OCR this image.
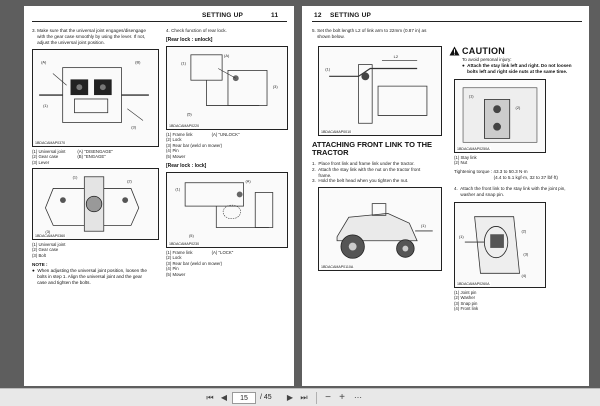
SETTING UP	11
3. Make sure that the universal joint engages/disengage
with the gear case smoothly by using the lever. If not,
adjust the universal joint position.
(A)	(B)
(1)
(3)
1BDACAMAP0370
(1) Universal joint          (A) "DISENGAGE"
(2) Gear case                (B) "ENGAGE"
(3) Lever
(1)
(2)
(3)
1BDACAMAP0360
(1) Universal joint
(2) Gear case
(3) Bolt
NOTE :
●  When adjusting the universal joint position, loosen the
bolts in step 1. Align the universal joint and the gear
case and tighten the bolts.
4. Check function of rear lock.
[Rear lock : unlock]
(1)
(A)
(3)
(5)
1BDACAMAP0220
(1) Frame link                (A) "UNLOCK"
(2) Lock
(3) Rear bar (weld on mower)
(4) Pin
(5) Mower
[Rear lock : lock]
(1)
(A)
(5)
1BDACAMAP0230
(1) Frame link                (A) "LOCK"
(2) Lock
(3) Rear bar (weld on mower)
(4) Pin
(5) Mower
12 SETTING UP
5. Set the bolt length L2 of link arm to 22mm (0.87 in) as
shown below.
L2
(1)
1BDACAMAP0010
ATTACHING FRONT LINK TO THE
TRACTOR
1.  Place front link and frame link under the tractor.
2.  Attach the stay link with the nut on the tractor front
frame.
3.  Hold the belt head when you tighten the nut.
(1)
1BDACAMAP0110A
CAUTION
To avoid personal injury:
●  Attach the stay link left and right. Do not loosen
bolts left and right side nuts at the same time.
(2)
(1)
1BDACAMAP0250A
(1) Stay link
(2) Nut
Tightening torque : 43.3 to 50.3 N·m
(4.4 to 5.1 kgf·m, 32 to 37 lbf·ft)
4.  Attach the front link to the stay link with the joint pin,
washer and snap pin.
(1)
(2)
(3)
(4)
1BDACAMAP0260A
(1) Joint pin
(2) Washer
(3) Snap pin
(4) Front link
⏮ ◀
15	/ 45	▶ ⏭	− +	⋯
